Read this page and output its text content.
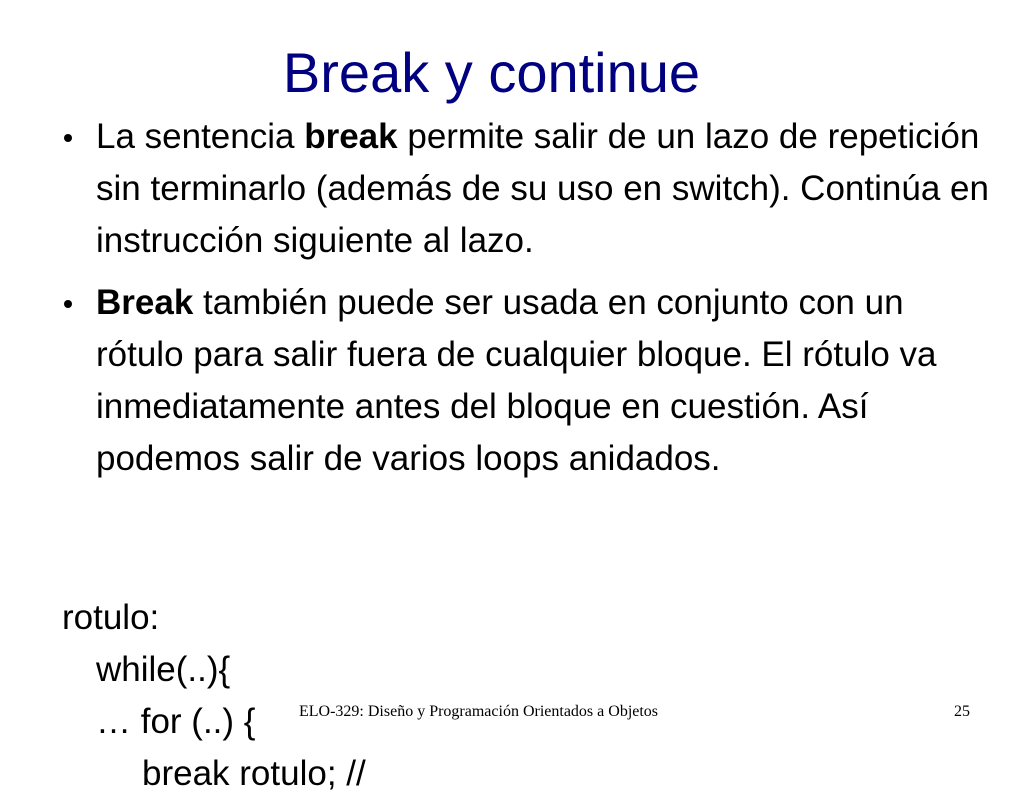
Break y continue
La sentencia break permite salir de un lazo de repetición sin terminarlo (además de su uso en switch). Continúa en instrucción siguiente al lazo.
Break también puede ser usada en conjunto con un rótulo para salir fuera de cualquier bloque. El rótulo va inmediatamente antes del bloque en cuestión. Así podemos salir de varios loops anidados.
rotulo:
while(..){
… for (..) {
break rotulo; //
ELO-329: Diseño y Programación Orientados a Objetos	25
